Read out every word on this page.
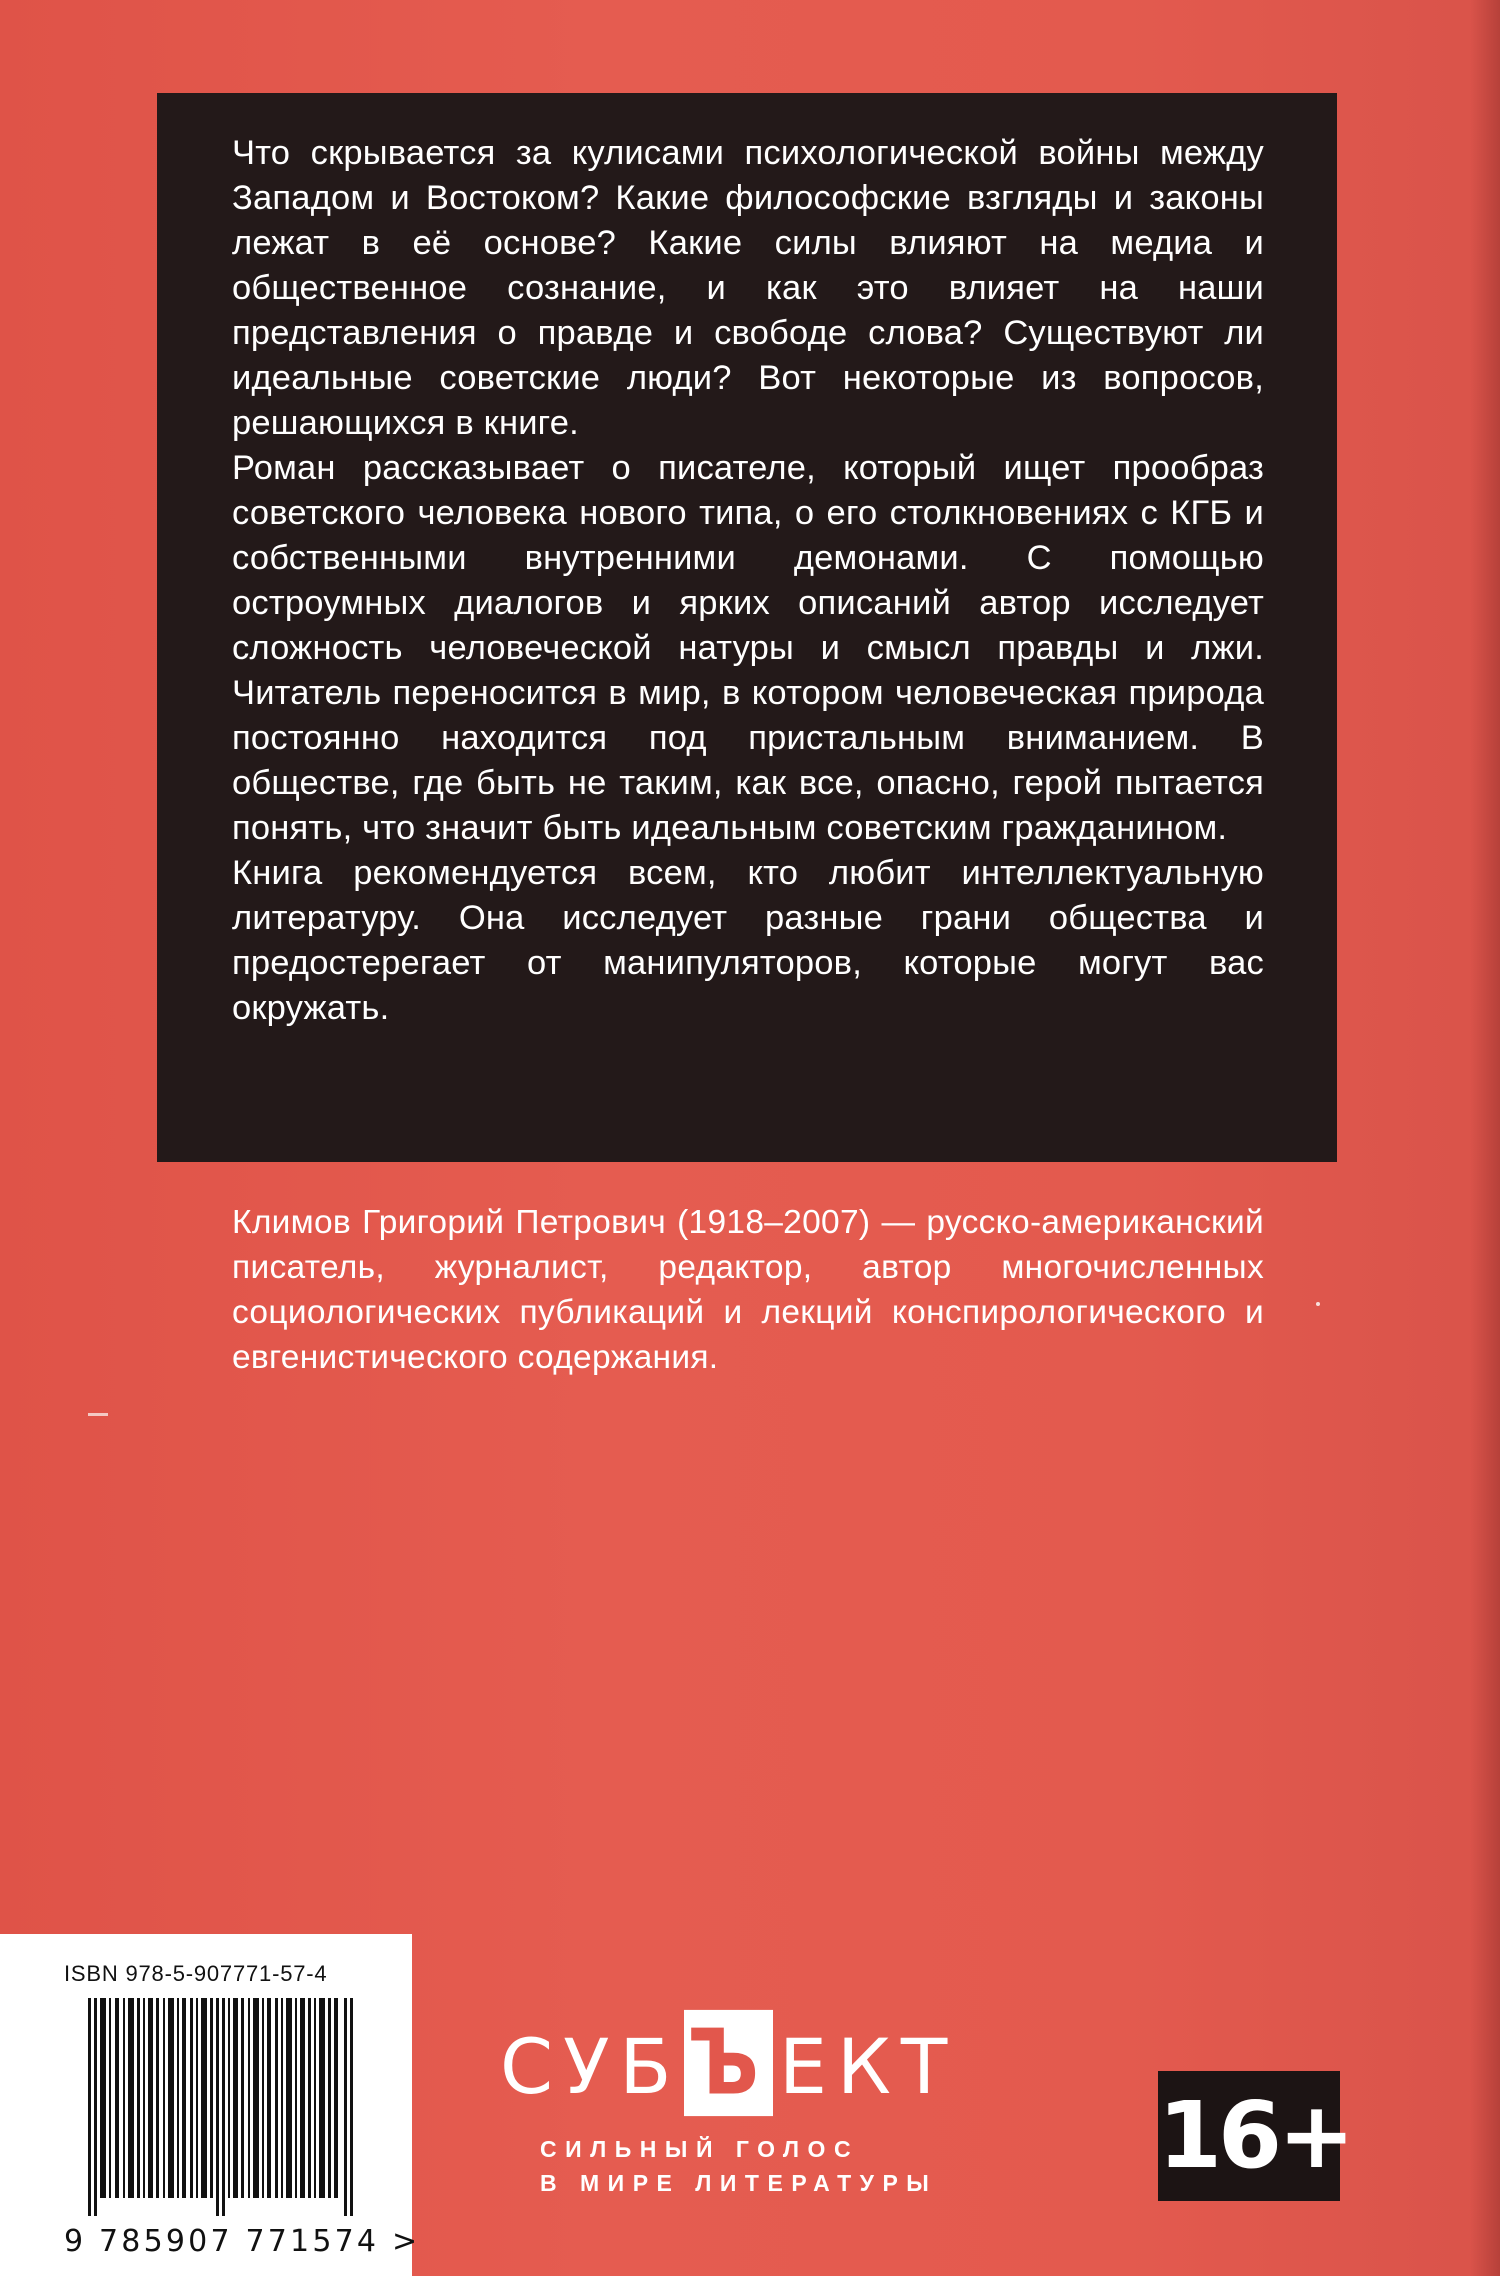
Что скрывается за кулисами психологической войны между Западом и Востоком? Какие философские взгляды и законы лежат в её основе? Какие силы влияют на медиа и общественное сознание, и как это влияет на наши представления о правде и свободе слова? Существуют ли идеальные советские люди? Вот некоторые из вопросов, решающихся в книге.

Роман рассказывает о писателе, который ищет прообраз советского человека нового типа, о его столкновениях с КГБ и собственными внутренними демонами. С помощью остроумных диалогов и ярких описаний автор исследует сложность человеческой натуры и смысл правды и лжи. Читатель переносится в мир, в котором человеческая природа постоянно находится под пристальным вниманием. В обществе, где быть не таким, как все, опасно, герой пытается понять, что значит быть идеальным советским гражданином.

Книга рекомендуется всем, кто любит интеллектуальную литературу. Она исследует разные грани общества и предостерегает от манипуляторов, которые могут вас окружать.

Климов Григорий Петрович (1918–2007) — русско-американский писатель, журналист, редактор, автор многочисленных социологических публикаций и лекций конспирологического и евгенистического содержания.

ISBN 978-5-907771-57-4
9 785907 771574 >
СУБЪ ЕКТ
СИЛЬНЫЙ ГОЛОС
В МИРЕ ЛИТЕРАТУРЫ 16+
